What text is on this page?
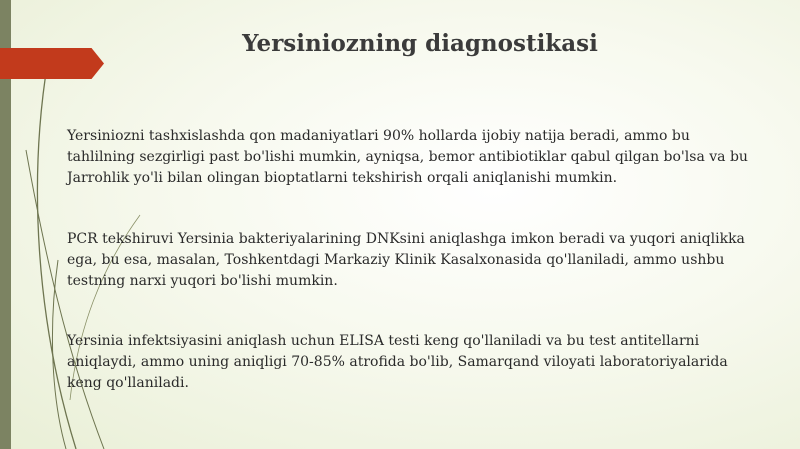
Yersiniozning diagnostikasi

Yersiniozni tashxislashda qon madaniyatlari 90% hollarda ijobiy natija beradi, ammo bu tahlilning sezgirligi past bo'lishi mumkin, ayniqsa, bemor antibiotiklar qabul qilgan bo'lsa va bu Jarrohlik yo'li bilan olingan bioptatlarni tekshirish orqali aniqlanishi mumkin.

PCR tekshiruvi Yersinia bakteriyalarining DNKsini aniqlashga imkon beradi va yuqori aniqlikka ega, bu esa, masalan, Toshkentdagi Markaziy Klinik Kasalxonasida qo'llaniladi, ammo ushbu testning narxi yuqori bo'lishi mumkin.

Yersinia infektsiyasini aniqlash uchun ELISA testi keng qo'llaniladi va bu test antitellarni aniqlaydi, ammo uning aniqligi 70-85% atrofida bo'lib, Samarqand viloyati laboratoriyalarida keng qo'llaniladi.
